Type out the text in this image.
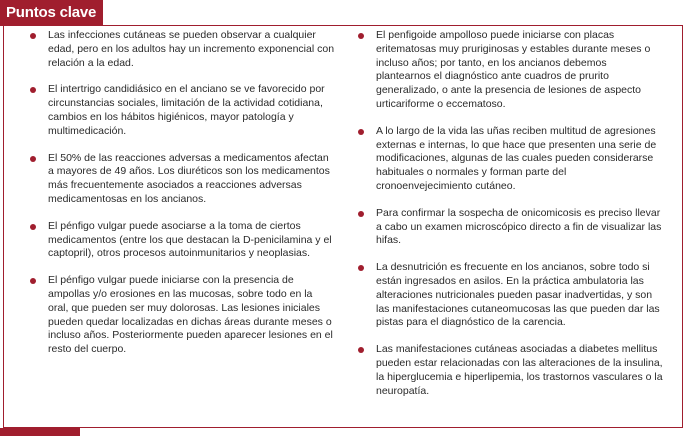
Puntos clave
Las infecciones cutáneas se pueden observar a cualquier edad, pero en los adultos hay un incremento exponencial con relación a la edad.
El intertrigo candidiásico en el anciano se ve favorecido por circunstancias sociales, limitación de la actividad cotidiana, cambios en los hábitos higiénicos, mayor patología y multimedicación.
El 50% de las reacciones adversas a medicamentos afectan a mayores de 49 años. Los diuréticos son los medicamentos más frecuentemente asociados a reacciones adversas medicamentosas en los ancianos.
El pénfigo vulgar puede asociarse a la toma de ciertos medicamentos (entre los que destacan la D-penicilamina y el captopril), otros procesos autoinmunitarios y neoplasias.
El pénfigo vulgar puede iniciarse con la presencia de ampollas y/o erosiones en las mucosas, sobre todo en la oral, que pueden ser muy dolorosas. Las lesiones iniciales pueden quedar localizadas en dichas áreas durante meses o incluso años. Posteriormente pueden aparecer lesiones en el resto del cuerpo.
El penfigoide ampolloso puede iniciarse con placas eritematosas muy pruriginosas y estables durante meses o incluso años; por tanto, en los ancianos debemos plantearnos el diagnóstico ante cuadros de prurito generalizado, o ante la presencia de lesiones de aspecto urticariforme o eccematoso.
A lo largo de la vida las uñas reciben multitud de agresiones externas e internas, lo que hace que presenten una serie de modificaciones, algunas de las cuales pueden considerarse habituales o normales y forman parte del cronoenvejecimiento cutáneo.
Para confirmar la sospecha de onicomicosis es preciso llevar a cabo un examen microscópico directo a fin de visualizar las hifas.
La desnutrición es frecuente en los ancianos, sobre todo si están ingresados en asilos. En la práctica ambulatoria las alteraciones nutricionales pueden pasar inadvertidas, y son las manifestaciones cutaneomucosas las que pueden dar las pistas para el diagnóstico de la carencia.
Las manifestaciones cutáneas asociadas a diabetes mellitus pueden estar relacionadas con las alteraciones de la insulina, la hiperglucemia e hiperlipemia, los trastornos vasculares o la neuropatía.
